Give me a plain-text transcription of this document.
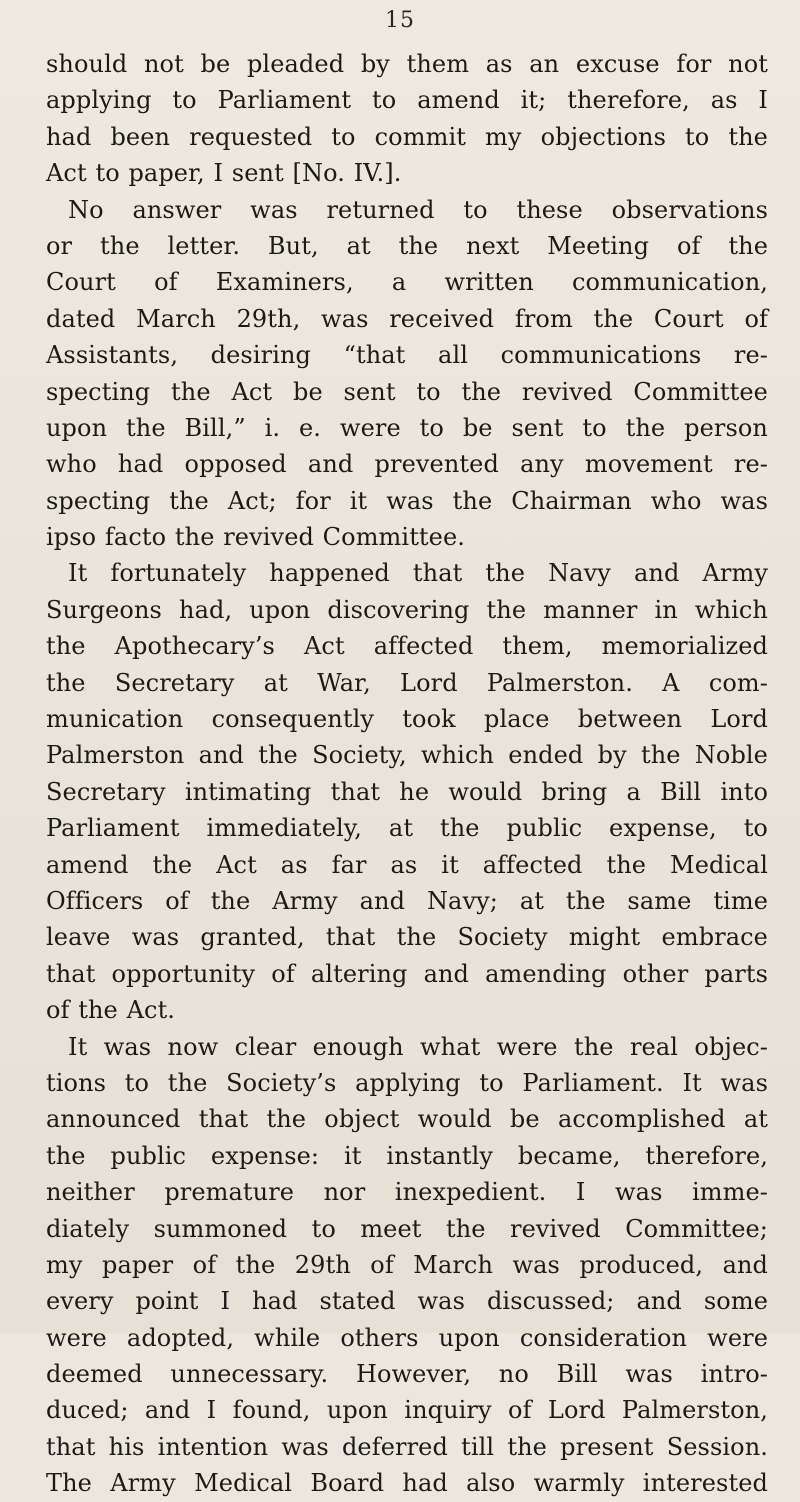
15
should not be pleaded by them as an excuse for not
applying to Parliament to amend it; therefore, as I
had been requested to commit my objections to the
Act to paper, I sent [No. IV.].
No answer was returned to these observations
or the letter. But, at the next Meeting of the
Court of Examiners, a written communication,
dated March 29th, was received from the Court of
Assistants, desiring “that all communications re-
specting the Act be sent to the revived Committee
upon the Bill,” i. e. were to be sent to the person
who had opposed and prevented any movement re-
specting the Act; for it was the Chairman who was
ipso facto the revived Committee.
It fortunately happened that the Navy and Army
Surgeons had, upon discovering the manner in which
the Apothecary’s Act affected them, memorialized
the Secretary at War, Lord Palmerston. A com-
munication consequently took place between Lord
Palmerston and the Society, which ended by the Noble
Secretary intimating that he would bring a Bill into
Parliament immediately, at the public expense, to
amend the Act as far as it affected the Medical
Officers of the Army and Navy; at the same time
leave was granted, that the Society might embrace
that opportunity of altering and amending other parts
of the Act.
It was now clear enough what were the real objec-
tions to the Society’s applying to Parliament. It was
announced that the object would be accomplished at
the public expense: it instantly became, therefore,
neither premature nor inexpedient. I was imme-
diately summoned to meet the revived Committee;
my paper of the 29th of March was produced, and
every point I had stated was discussed; and some
were adopted, while others upon consideration were
deemed unnecessary. However, no Bill was intro-
duced; and I found, upon inquiry of Lord Palmerston,
that his intention was deferred till the present Session.
The Army Medical Board had also warmly interested
